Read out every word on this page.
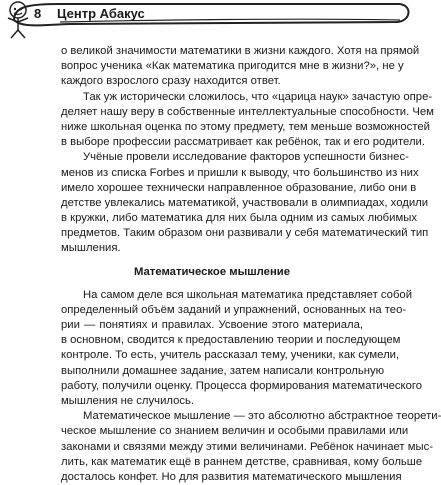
8 Центр Абакус
о великой значимости математики в жизни каждого. Хотя на прямой
вопрос ученика «Как математика пригодится мне в жизни?», не у
каждого взрослого сразу находится ответ.
Так уж исторически сложилось, что «царица наук» зачастую опре-
деляет нашу веру в собственные интеллектуальные способности. Чем
ниже школьная оценка по этому предмету, тем меньше возможностей
в выборе профессии рассматривает как ребёнок, так и его родители.
Учёные провели исследование факторов успешности бизнес-
менов из списка Forbes и пришли к выводу, что большинство из них
имело хорошее технически направленное образование, либо они в
детстве увлекались математикой, участвовали в олимпиадах, ходили
в кружки, либо математика для них была одним из самых любимых
предметов. Таким образом они развивали у себя математический тип
мышления.
Математическое мышление
На самом деле вся школьная математика представляет собой
определенный объём заданий и упражнений, основанных на тео-
рии — понятиях и правилах. Усвоение этого материала,
в основном, сводится к предоставлению теории и последующем
контроле. То есть, учитель рассказал тему, ученики, как сумели,
выполнили домашнее задание, затем написали контрольную
работу, получили оценку. Процесса формирования математического
мышления не случилось.
Математическое мышление — это абсолютно абстрактное теорети-
ческое мышление со знанием величин и особыми правилами или
законами и связями между этими величинами. Ребёнок начинает мыс-
лить, как математик ещё в раннем детстве, сравнивая, кому больше
досталось конфет. Но для развития математического мышления
